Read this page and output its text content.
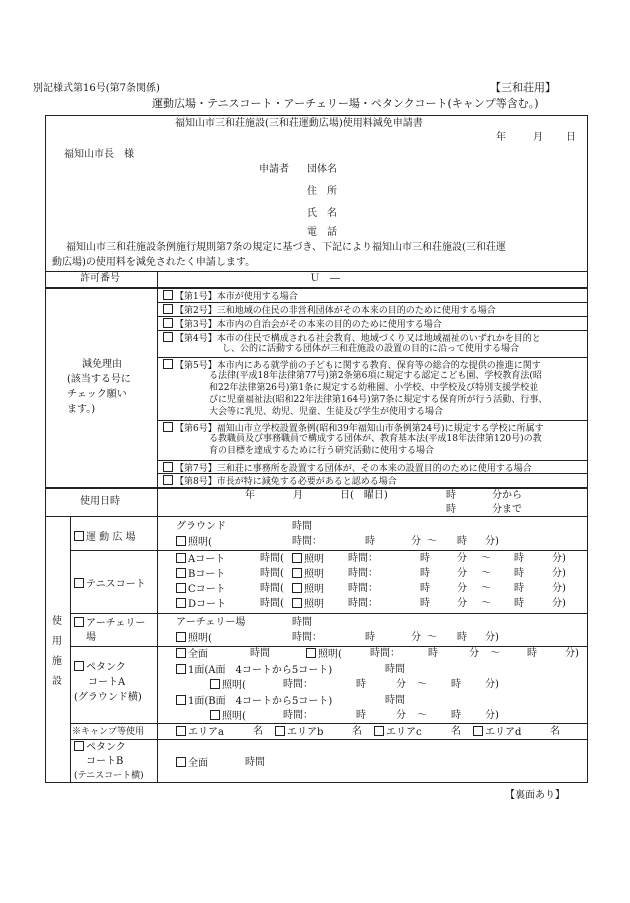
別記様式第16号(第7条関係)	【三和荘用】
運動広場・テニスコート・アーチェリー場・ペタンクコート(キャンプ等含む。)
福知山市三和荘施設(三和荘運動広場)使用料減免申請書
年	月 日
福知山市長　様
申請者 団体名
住　所
氏　名
電　話
福知山市三和荘施設条例施行規則第7条の規定に基づき、下記により福知山市三和荘施設(三和荘運
動広場)の使用料を減免されたく申請します。
許可番号	Ｕ　―
減免理由
(該当する号に
チェック願い
ます。)
【第1号】本市が使用する場合
【第2号】三和地域の住民の非営利団体がその本来の目的のために使用する場合
【第3号】本市内の自治会がその本来の目的のために使用する場合
【第4号】本市の住民で構成される社会教育、地域づくり又は地域福祉のいずれかを目的と
し、公的に活動する団体が三和荘施設の設置の目的に沿って使用する場合
【第5号】本市内にある就学前の子どもに関する教育、保育等の総合的な提供の推進に関す
る法律(平成18年法律第77号)第2条第6項に規定する認定こども園、学校教育法(昭
和22年法律第26号)第1条に規定する幼稚園、小学校、中学校及び特別支援学校並
びに児童福祉法(昭和22年法律第164号)第7条に規定する保育所が行う活動、行事、
大会等に乳児、幼児、児童、生徒及び学生が使用する場合
【第6号】福知山市立学校設置条例(昭和39年福知山市条例第24号)に規定する学校に所属す
る教職員及び事務職員で構成する団体が、教育基本法(平成18年法律第120号)の教
育の目標を達成するために行う研究活動に使用する場合
【第7号】三和荘に事務所を設置する団体が、その本来の設置目的のために使用する場合
【第8号】市長が特に減免する必要があると認める場合
使用日時
年	月	日(　曜日)	時	分から
時	分まで
使
用
施
設
運 動 広 場
グラウンド	時間
照明(	時間：	時	分 〜 時 分)
テニスコート
Aコート	時間(	照明 時間：	時	分 〜 時	分)
Bコート	時間(	照明 時間：	時	分 〜 時	分)
Cコート	時間(	照明 時間：	時	分 〜 時	分)
Dコート	時間(	照明 時間：	時	分 〜 時	分)
アーチェリー
場
アーチェリー場	時間
照明(	時間：	時	分 〜 時 分)
ペタンク
コートA
(グラウンド横)
全面	時間	照明(	時間：	時	分 〜	時	分)
1面(A面　4コートから5コート)	時間
照明(	時間：	時	分 〜 時 分)
1面(B面　4コートから5コート)	時間
照明(	時間：	時	分 〜 時 分)
※キャンプ等使用	エリアa	名	エリアb	名	エリアc	名	エリアd	名
ペタンク
コートB
(テニスコート横)
全面	時間
【裏面あり】
